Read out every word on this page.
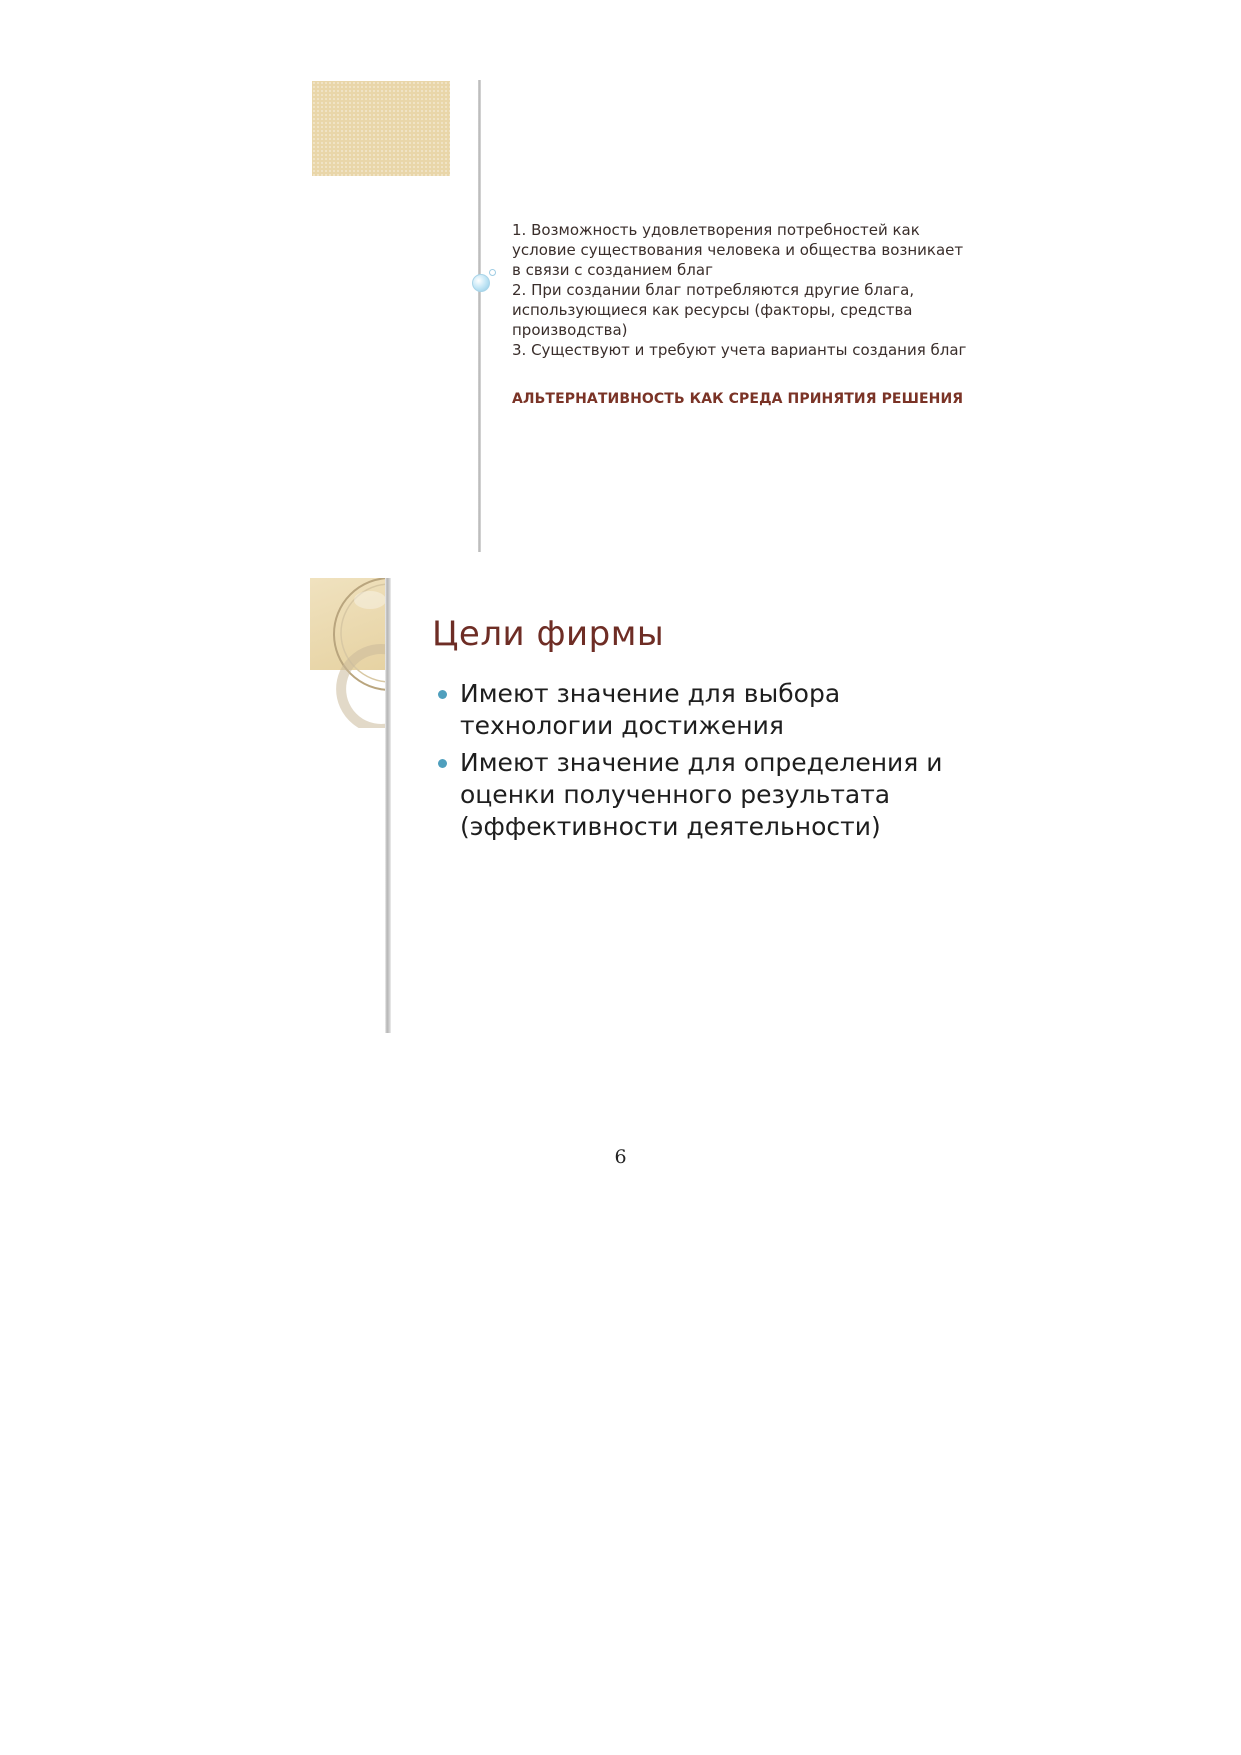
1. Возможность удовлетворения потребностей как

условие существования человека и общества возникает

в связи с созданием благ

2. При создании благ потребляются другие блага,

использующиеся как ресурсы (факторы, средства

производства)

3. Существуют и требуют учета варианты создания благ

АЛЬТЕРНАТИВНОСТЬ КАК СРЕДА ПРИНЯТИЯ РЕШЕНИЯ
Цели фирмы
Имеют значение для выбора
технологии достижения
Имеют значение для определения и
оценки полученного результата
(эффективности деятельности)
6
